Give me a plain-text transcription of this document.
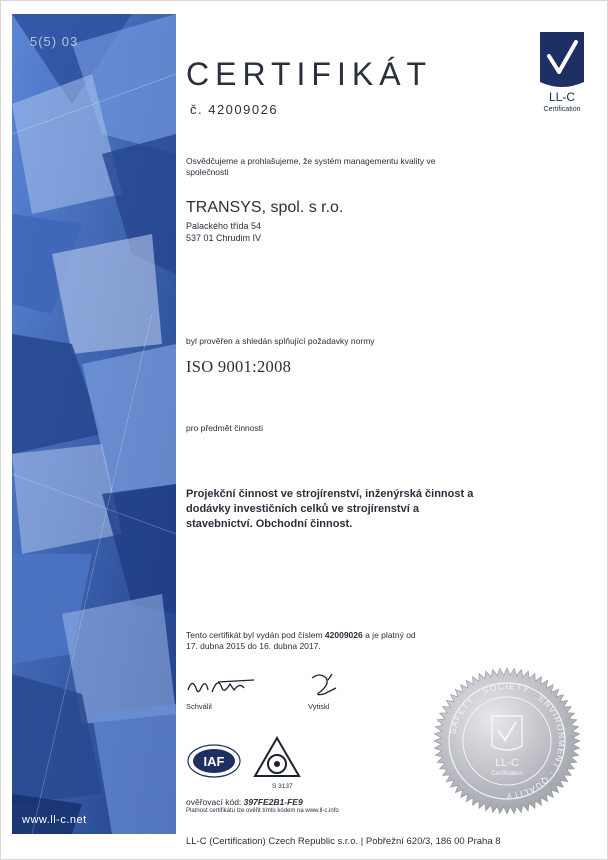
www.ll-c.net
5(5) 03
CERTIFIKÁT
č. 42009026
LL-C
Certification
Osvědčujeme a prohlašujeme, že systém managementu kvality ve
společnosti
TRANSYS, spol. s r.o.
Palackého třída 54
537 01 Chrudim IV
byl prověřen a shledán splňující požadavky normy
ISO 9001:2008
pro předmět činnosti
Projekční činnost ve strojírenství, inženýrská činnost a
dodávky investičních celků ve strojírenství a
stavebnictví. Obchodní činnost.
Tento certifikát byl vydán pod číslem 42009026 a je platný od
17. dubna 2015 do 16. dubna 2017.
Schválil	Vytiskl
IAF
S 3137
ověřovací kód: 397FE2B1-FE9
Platnost certifikátu lze ověřit tímto kódem na www.ll-c.info
SAFETY · SOCIETY · ENVIRONMENT · QUALITY
LL-C
Certification
LL-C (Certification) Czech Republic s.r.o. | Pobřežní 620/3, 186 00 Praha 8
